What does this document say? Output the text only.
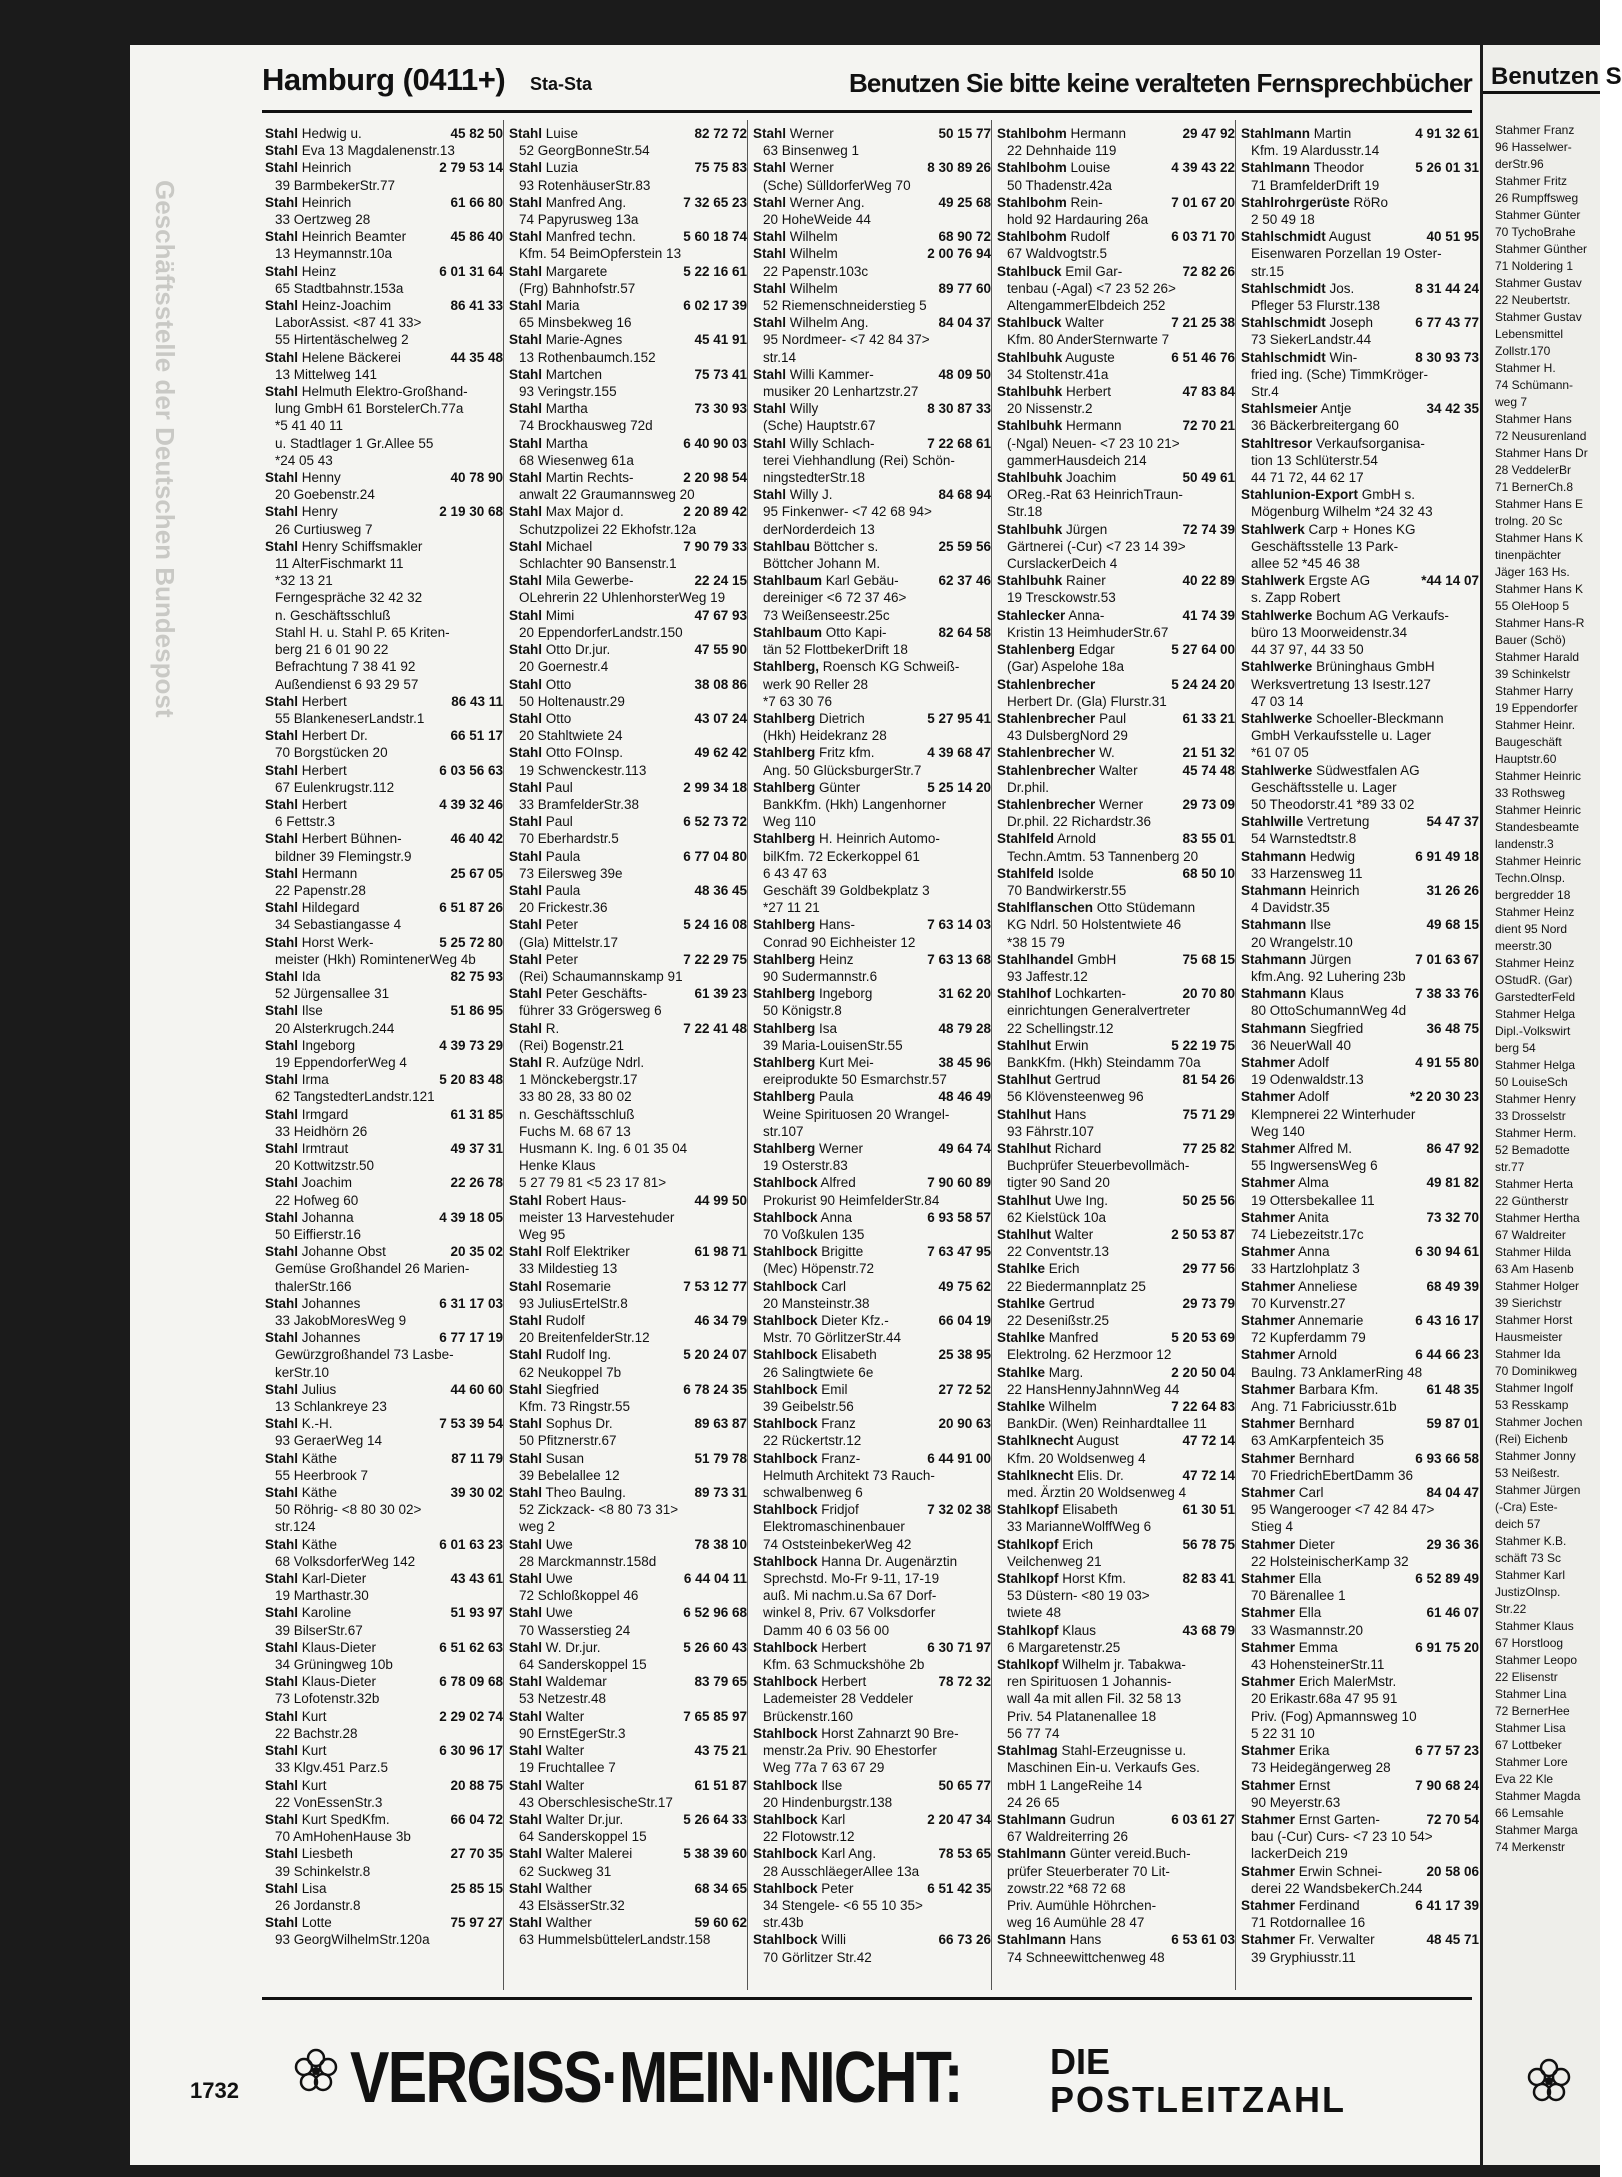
Geschäftsstelle der Deutschen Bundespost
Hamburg (0411+) Sta-Sta	Benutzen Sie bitte keine veralteten Fernsprechbücher
Stahl Hedwig u.	45 82 50
Stahl Eva 13 Magdalenenstr.13
Stahl Heinrich	2 79 53 14
39 BarmbekerStr.77
Stahl Heinrich	61 66 80
33 Oertzweg 28
Stahl Heinrich Beamter	45 86 40
13 Heymannstr.10a
Stahl Heinz	6 01 31 64
65 Stadtbahnstr.153a
Stahl Heinz-Joachim	86 41 33
LaborAssist. <87 41 33>
55 Hirtentäschelweg 2
Stahl Helene Bäckerei	44 35 48
13 Mittelweg 141
Stahl Helmuth Elektro-Großhand-
lung GmbH 61 BorstelerCh.77a
*5 41 40 11
u. Stadtlager 1 Gr.Allee 55
*24 05 43
Stahl Henny	40 78 90
20 Goebenstr.24
Stahl Henry	2 19 30 68
26 Curtiusweg 7
Stahl Henry Schiffsmakler
11 AlterFischmarkt 11
*32 13 21
Ferngespräche 32 42 32
n. Geschäftsschluß
Stahl H. u. Stahl P. 65 Kriten-
berg 21 6 01 90 22
Befrachtung 7 38 41 92
Außendienst 6 93 29 57
Stahl Herbert	86 43 11
55 BlankeneserLandstr.1
Stahl Herbert Dr.	66 51 17
70 Borgstücken 20
Stahl Herbert	6 03 56 63
67 Eulenkrugstr.112
Stahl Herbert	4 39 32 46
6 Fettstr.3
Stahl Herbert Bühnen-	46 40 42
bildner 39 Flemingstr.9
Stahl Hermann	25 67 05
22 Papenstr.28
Stahl Hildegard	6 51 87 26
34 Sebastiangasse 4
Stahl Horst Werk-	5 25 72 80
meister (Hkh) RomintenerWeg 4b
Stahl Ida	82 75 93
52 Jürgensallee 31
Stahl Ilse	51 86 95
20 Alsterkrugch.244
Stahl Ingeborg	4 39 73 29
19 EppendorferWeg 4
Stahl Irma	5 20 83 48
62 TangstedterLandstr.121
Stahl Irmgard	61 31 85
33 Heidhörn 26
Stahl Irmtraut	49 37 31
20 Kottwitzstr.50
Stahl Joachim	22 26 78
22 Hofweg 60
Stahl Johanna	4 39 18 05
50 Eiffierstr.16
Stahl Johanne Obst	20 35 02
Gemüse Großhandel 26 Marien-
thalerStr.166
Stahl Johannes	6 31 17 03
33 JakobMoresWeg 9
Stahl Johannes	6 77 17 19
Gewürzgroßhandel 73 Lasbe-
kerStr.10
Stahl Julius	44 60 60
13 Schlankreye 23
Stahl K.-H.	7 53 39 54
93 GeraerWeg 14
Stahl Käthe	87 11 79
55 Heerbrook 7
Stahl Käthe	39 30 02
50 Röhrig- <8 80 30 02>
str.124
Stahl Käthe	6 01 63 23
68 VolksdorferWeg 142
Stahl Karl-Dieter	43 43 61
19 Marthastr.30
Stahl Karoline	51 93 97
39 BilserStr.67
Stahl Klaus-Dieter	6 51 62 63
34 Grüningweg 10b
Stahl Klaus-Dieter	6 78 09 68
73 Lofotenstr.32b
Stahl Kurt	2 29 02 74
22 Bachstr.28
Stahl Kurt	6 30 96 17
33 Klgv.451 Parz.5
Stahl Kurt	20 88 75
22 VonEssenStr.3
Stahl Kurt SpedKfm.	66 04 72
70 AmHohenHause 3b
Stahl Liesbeth	27 70 35
39 Schinkelstr.8
Stahl Lisa	25 85 15
26 Jordanstr.8
Stahl Lotte	75 97 27
93 GeorgWilhelmStr.120a
Stahl Luise	82 72 72
52 GeorgBonneStr.54
Stahl Luzia	75 75 83
93 RotenhäuserStr.83
Stahl Manfred Ang.	7 32 65 23
74 Papyrusweg 13a
Stahl Manfred techn.	5 60 18 74
Kfm. 54 BeimOpferstein 13
Stahl Margarete	5 22 16 61
(Frg) Bahnhofstr.57
Stahl Maria	6 02 17 39
65 Minsbekweg 16
Stahl Marie-Agnes	45 41 91
13 Rothenbaumch.152
Stahl Martchen	75 73 41
93 Veringstr.155
Stahl Martha	73 30 93
74 Brockhausweg 72d
Stahl Martha	6 40 90 03
68 Wiesenweg 61a
Stahl Martin Rechts-	2 20 98 54
anwalt 22 Graumannsweg 20
Stahl Max Major d.	2 20 89 42
Schutzpolizei 22 Ekhofstr.12a
Stahl Michael	7 90 79 33
Schlachter 90 Bansenstr.1
Stahl Mila Gewerbe-	22 24 15
OLehrerin 22 UhlenhorsterWeg 19
Stahl Mimi	47 67 93
20 EppendorferLandstr.150
Stahl Otto Dr.jur.	47 55 90
20 Goernestr.4
Stahl Otto	38 08 86
50 Holtenaustr.29
Stahl Otto	43 07 24
20 Stahltwiete 24
Stahl Otto FOInsp.	49 62 42
19 Schwenckestr.113
Stahl Paul	2 99 34 18
33 BramfelderStr.38
Stahl Paul	6 52 73 72
70 Eberhardstr.5
Stahl Paula	6 77 04 80
73 Eilersweg 39e
Stahl Paula	48 36 45
20 Frickestr.36
Stahl Peter	5 24 16 08
(Gla) Mittelstr.17
Stahl Peter	7 22 29 75
(Rei) Schaumannskamp 91
Stahl Peter Geschäfts-	61 39 23
führer 33 Grögersweg 6
Stahl R.	7 22 41 48
(Rei) Bogenstr.21
Stahl R. Aufzüge Ndrl.
1 Mönckebergstr.17
33 80 28, 33 80 02
n. Geschäftsschluß
Fuchs M. 68 67 13
Husmann K. Ing. 6 01 35 04
Henke Klaus
5 27 79 81 <5 23 17 81>
Stahl Robert Haus-	44 99 50
meister 13 Harvestehuder
Weg 95
Stahl Rolf Elektriker	61 98 71
33 Mildestieg 13
Stahl Rosemarie	7 53 12 77
93 JuliusErtelStr.8
Stahl Rudolf	46 34 79
20 BreitenfelderStr.12
Stahl Rudolf Ing.	5 20 24 07
62 Neukoppel 7b
Stahl Siegfried	6 78 24 35
Kfm. 73 Ringstr.55
Stahl Sophus Dr.	89 63 87
50 Pfitznerstr.67
Stahl Susan	51 79 78
39 Bebelallee 12
Stahl Theo Baulng.	89 73 31
52 Zickzack- <8 80 73 31>
weg 2
Stahl Uwe	78 38 10
28 Marckmannstr.158d
Stahl Uwe	6 44 04 11
72 Schloßkoppel 46
Stahl Uwe	6 52 96 68
70 Wasserstieg 24
Stahl W. Dr.jur.	5 26 60 43
64 Sanderskoppel 15
Stahl Waldemar	83 79 65
53 Netzestr.48
Stahl Walter	7 65 85 97
90 ErnstEgerStr.3
Stahl Walter	43 75 21
19 Fruchtallee 7
Stahl Walter	61 51 87
43 OberschlesischeStr.17
Stahl Walter Dr.jur.	5 26 64 33
64 Sanderskoppel 15
Stahl Walter Malerei	5 38 39 60
62 Suckweg 31
Stahl Walther	68 34 65
43 ElsässerStr.32
Stahl Walther	59 60 62
63 HummelsbüttelerLandstr.158
Stahl Werner	50 15 77
63 Binsenweg 1
Stahl Werner	8 30 89 26
(Sche) SülldorferWeg 70
Stahl Werner Ang.	49 25 68
20 HoheWeide 44
Stahl Wilhelm	68 90 72
Stahl Wilhelm	2 00 76 94
22 Papenstr.103c
Stahl Wilhelm	89 77 60
52 Riemenschneiderstieg 5
Stahl Wilhelm Ang.	84 04 37
95 Nordmeer- <7 42 84 37>
str.14
Stahl Willi Kammer-	48 09 50
musiker 20 Lenhartzstr.27
Stahl Willy	8 30 87 33
(Sche) Hauptstr.67
Stahl Willy Schlach-	7 22 68 61
terei Viehhandlung (Rei) Schön-
ningstedterStr.18
Stahl Willy J.	84 68 94
95 Finkenwer- <7 42 68 94>
derNorderdeich 13
Stahlbau Böttcher s.	25 59 56
Böttcher Johann M.
Stahlbaum Karl Gebäu-	62 37 46
dereiniger <6 72 37 46>
73 Weißenseestr.25c
Stahlbaum Otto Kapi-	82 64 58
tän 52 FlottbekerDrift 18
Stahlberg, Roensch KG Schweiß-
werk 90 Reller 28
*7 63 30 76
Stahlberg Dietrich	5 27 95 41
(Hkh) Heidekranz 28
Stahlberg Fritz kfm.	4 39 68 47
Ang. 50 GlücksburgerStr.7
Stahlberg Günter	5 25 14 20
BankKfm. (Hkh) Langenhorner
Weg 110
Stahlberg H. Heinrich Automo-
bilKfm. 72 Eckerkoppel 61
6 43 47 63
Geschäft 39 Goldbekplatz 3
*27 11 21
Stahlberg Hans-	7 63 14 03
Conrad 90 Eichheister 12
Stahlberg Heinz	7 63 13 68
90 Sudermannstr.6
Stahlberg Ingeborg	31 62 20
50 Königstr.8
Stahlberg Isa	48 79 28
39 Maria-LouisenStr.55
Stahlberg Kurt Mei-	38 45 96
ereiprodukte 50 Esmarchstr.57
Stahlberg Paula	48 46 49
Weine Spirituosen 20 Wrangel-
str.107
Stahlberg Werner	49 64 74
19 Osterstr.83
Stahlbock Alfred	7 90 60 89
Prokurist 90 HeimfelderStr.84
Stahlbock Anna	6 93 58 57
70 Voßkulen 135
Stahlbock Brigitte	7 63 47 95
(Mec) Höpenstr.72
Stahlbock Carl	49 75 62
20 Mansteinstr.38
Stahlbock Dieter Kfz.-	66 04 19
Mstr. 70 GörlitzerStr.44
Stahlbock Elisabeth	25 38 95
26 Salingtwiete 6e
Stahlbock Emil	27 72 52
39 Geibelstr.56
Stahlbock Franz	20 90 63
22 Rückertstr.12
Stahlbock Franz-	6 44 91 00
Helmuth Architekt 73 Rauch-
schwalbenweg 6
Stahlbock Fridjof	7 32 02 38
Elektromaschinenbauer
74 OststeinbekerWeg 42
Stahlbock Hanna Dr. Augenärztin
Sprechstd. Mo-Fr 9-11, 17-19
auß. Mi nachm.u.Sa 67 Dorf-
winkel 8, Priv. 67 Volksdorfer
Damm 40 6 03 56 00
Stahlbock Herbert	6 30 71 97
Kfm. 63 Schmuckshöhe 2b
Stahlbock Herbert	78 72 32
Lademeister 28 Veddeler
Brückenstr.160
Stahlbock Horst Zahnarzt 90 Bre-
menstr.2a Priv. 90 Ehestorfer
Weg 77a 7 63 67 29
Stahlbock Ilse	50 65 77
20 Hindenburgstr.138
Stahlbock Karl	2 20 47 34
22 Flotowstr.12
Stahlbock Karl Ang.	78 53 65
28 AusschläegerAllee 13a
Stahlbock Peter	6 51 42 35
34 Stengele- <6 55 10 35>
str.43b
Stahlbock Willi	66 73 26
70 Görlitzer Str.42
Stahlbohm Hermann	29 47 92
22 Dehnhaide 119
Stahlbohm Louise	4 39 43 22
50 Thadenstr.42a
Stahlbohm Rein-	7 01 67 20
hold 92 Hardauring 26a
Stahlbohm Rudolf	6 03 71 70
67 Waldvogtstr.5
Stahlbuck Emil Gar-	72 82 26
tenbau (-Agal) <7 23 52 26>
AltengammerElbdeich 252
Stahlbuck Walter	7 21 25 38
Kfm. 80 AnderSternwarte 7
Stahlbuhk Auguste	6 51 46 76
34 Stoltenstr.41a
Stahlbuhk Herbert	47 83 84
20 Nissenstr.2
Stahlbuhk Hermann	72 70 21
(-Ngal) Neuen- <7 23 10 21>
gammerHausdeich 214
Stahlbuhk Joachim	50 49 61
OReg.-Rat 63 HeinrichTraun-
Str.18
Stahlbuhk Jürgen	72 74 39
Gärtnerei (-Cur) <7 23 14 39>
CurslackerDeich 4
Stahlbuhk Rainer	40 22 89
19 Tresckowstr.53
Stahlecker Anna-	41 74 39
Kristin 13 HeimhuderStr.67
Stahlenberg Edgar	5 27 64 00
(Gar) Aspelohe 18a
Stahlenbrecher	5 24 24 20
Herbert Dr. (Gla) Flurstr.31
Stahlenbrecher Paul	61 33 21
43 DulsbergNord 29
Stahlenbrecher W.	21 51 32
Stahlenbrecher Walter	45 74 48
Dr.phil.
Stahlenbrecher Werner	29 73 09
Dr.phil. 22 Richardstr.36
Stahlfeld Arnold	83 55 01
Techn.Amtm. 53 Tannenberg 20
Stahlfeld Isolde	68 50 10
70 Bandwirkerstr.55
Stahlflanschen Otto Stüdemann
KG Ndrl. 50 Holstentwiete 46
*38 15 79
Stahlhandel GmbH	75 68 15
93 Jaffestr.12
Stahlhof Lochkarten-	20 70 80
einrichtungen Generalvertreter
22 Schellingstr.12
Stahlhut Erwin	5 22 19 75
BankKfm. (Hkh) Steindamm 70a
Stahlhut Gertrud	81 54 26
56 Klövensteenweg 96
Stahlhut Hans	75 71 29
93 Fährstr.107
Stahlhut Richard	77 25 82
Buchprüfer Steuerbevollmäch-
tigter 90 Sand 20
Stahlhut Uwe Ing.	50 25 56
62 Kielstück 10a
Stahlhut Walter	2 50 53 87
22 Conventstr.13
Stahlke Erich	29 77 56
22 Biedermannplatz 25
Stahlke Gertrud	29 73 79
22 Desenißstr.25
Stahlke Manfred	5 20 53 69
Elektrolng. 62 Herzmoor 12
Stahlke Marg.	2 20 50 04
22 HansHennyJahnnWeg 44
Stahlke Wilhelm	7 22 64 83
BankDir. (Wen) Reinhardtallee 11
Stahlknecht August	47 72 14
Kfm. 20 Woldsenweg 4
Stahlknecht Elis. Dr.	47 72 14
med. Ärztin 20 Woldsenweg 4
Stahlkopf Elisabeth	61 30 51
33 MarianneWolffWeg 6
Stahlkopf Erich	56 78 75
Veilchenweg 21
Stahlkopf Horst Kfm.	82 83 41
53 Düstern- <80 19 03>
twiete 48
Stahlkopf Klaus	43 68 79
6 Margaretenstr.25
Stahlkopf Wilhelm jr. Tabakwa-
ren Spirituosen 1 Johannis-
wall 4a mit allen Fil. 32 58 13
Priv. 54 Platanenallee 18
56 77 74
Stahlmag Stahl-Erzeugnisse u.
Maschinen Ein-u. Verkaufs Ges.
mbH 1 LangeReihe 14
24 26 65
Stahlmann Gudrun	6 03 61 27
67 Waldreiterring 26
Stahlmann Günter vereid.Buch-
prüfer Steuerberater 70 Lit-
zowstr.22 *68 72 68
Priv. Aumühle Höhrchen-
weg 16 Aumühle 28 47
Stahlmann Hans	6 53 61 03
74 Schneewittchenweg 48
Stahlmann Martin	4 91 32 61
Kfm. 19 Alardusstr.14
Stahlmann Theodor	5 26 01 31
71 BramfelderDrift 19
Stahlrohrgerüste RöRo
2 50 49 18
Stahlschmidt August	40 51 95
Eisenwaren Porzellan 19 Oster-
str.15
Stahlschmidt Jos.	8 31 44 24
Pfleger 53 Flurstr.138
Stahlschmidt Joseph	6 77 43 77
73 SiekerLandstr.44
Stahlschmidt Win-	8 30 93 73
fried ing. (Sche) TimmKröger-
Str.4
Stahlsmeier Antje	34 42 35
36 Bäckerbreitergang 60
Stahltresor Verkaufsorganisa-
tion 13 Schlüterstr.54
44 71 72, 44 62 17
Stahlunion-Export GmbH s.
Mögenburg Wilhelm *24 32 43
Stahlwerk Carp + Hones KG
Geschäftsstelle 13 Park-
allee 52 *45 46 38
Stahlwerk Ergste AG	*44 14 07
s. Zapp Robert
Stahlwerke Bochum AG Verkaufs-
büro 13 Moorweidenstr.34
44 37 97, 44 33 50
Stahlwerke Brüninghaus GmbH
Werksvertretung 13 Isestr.127
47 03 14
Stahlwerke Schoeller-Bleckmann
GmbH Verkaufsstelle u. Lager
*61 07 05
Stahlwerke Südwestfalen AG
Geschäftsstelle u. Lager
50 Theodorstr.41 *89 33 02
Stahlwille Vertretung	54 47 37
54 Warnstedtstr.8
Stahmann Hedwig	6 91 49 18
33 Harzensweg 11
Stahmann Heinrich	31 26 26
4 Davidstr.35
Stahmann Ilse	49 68 15
20 Wrangelstr.10
Stahmann Jürgen	7 01 63 67
kfm.Ang. 92 Luhering 23b
Stahmann Klaus	7 38 33 76
80 OttoSchumannWeg 4d
Stahmann Siegfried	36 48 75
36 NeuerWall 40
Stahmer Adolf	4 91 55 80
19 Odenwaldstr.13
Stahmer Adolf	*2 20 30 23
Klempnerei 22 Winterhuder
Weg 140
Stahmer Alfred M.	86 47 92
55 IngwersensWeg 6
Stahmer Alma	49 81 82
19 Ottersbekallee 11
Stahmer Anita	73 32 70
74 Liebezeitstr.17c
Stahmer Anna	6 30 94 61
33 Hartzlohplatz 3
Stahmer Anneliese	68 49 39
70 Kurvenstr.27
Stahmer Annemarie	6 43 16 17
72 Kupferdamm 79
Stahmer Arnold	6 44 66 23
Baulng. 73 AnklamerRing 48
Stahmer Barbara Kfm.	61 48 35
Ang. 71 Fabriciusstr.61b
Stahmer Bernhard	59 87 01
63 AmKarpfenteich 35
Stahmer Bernhard	6 93 66 58
70 FriedrichEbertDamm 36
Stahmer Carl	84 04 47
95 Wangerooger <7 42 84 47>
Stieg 4
Stahmer Dieter	29 36 36
22 HolsteinischerKamp 32
Stahmer Ella	6 52 89 49
70 Bärenallee 1
Stahmer Ella	61 46 07
33 Wasmannstr.20
Stahmer Emma	6 91 75 20
43 HohensteinerStr.11
Stahmer Erich MalerMstr.
20 Erikastr.68a 47 95 91
Priv. (Fog) Apmannsweg 10
5 22 31 10
Stahmer Erika	6 77 57 23
73 Heidegängerweg 28
Stahmer Ernst	7 90 68 24
90 Meyerstr.63
Stahmer Ernst Garten-	72 70 54
bau (-Cur) Curs- <7 23 10 54>
lackerDeich 219
Stahmer Erwin Schnei-	20 58 06
derei 22 WandsbekerCh.244
Stahmer Ferdinand	6 41 17 39
71 Rotdornallee 16
Stahmer Fr. Verwalter	48 45 71
39 Gryphiusstr.11
1732 VERGISS·MEIN·NICHT: DIE
POSTLEITZAHL
Benutzen S
Stahmer Franz
96 Hasselwer-
derStr.96
Stahmer Fritz
26 Rumpffsweg
Stahmer Günter
70 TychoBrahe
Stahmer Günther
71 Noldering 1
Stahmer Gustav
22 Neubertstr.
Stahmer Gustav
Lebensmittel
Zollstr.170
Stahmer H.
74 Schümann-
weg 7
Stahmer Hans
72 Neusurenland
Stahmer Hans Dr
28 VeddelerBr
71 BernerCh.8
Stahmer Hans E
trolng. 20 Sc
Stahmer Hans K
tinenpächter
Jäger 163 Hs.
Stahmer Hans K
55 OleHoop 5
Stahmer Hans-R
Bauer (Schö)
Stahmer Harald
39 Schinkelstr
Stahmer Harry
19 Eppendorfer
Stahmer Heinr.
Baugeschäft
Hauptstr.60
Stahmer Heinric
33 Rothsweg
Stahmer Heinric
Standesbeamte
landenstr.3
Stahmer Heinric
Techn.Olnsp.
bergredder 18
Stahmer Heinz
dient 95 Nord
meerstr.30
Stahmer Heinz
OStudR. (Gar)
GarstedterFeld
Stahmer Helga
Dipl.-Volkswirt
berg 54
Stahmer Helga
50 LouiseSch
Stahmer Henry
33 Drosselstr
Stahmer Herm.
52 Bemadotte
str.77
Stahmer Herta
22 Güntherstr
Stahmer Hertha
67 Waldreiter
Stahmer Hilda
63 Am Hasenb
Stahmer Holger
39 Sierichstr
Stahmer Horst
Hausmeister
Stahmer Ida
70 Dominikweg
Stahmer Ingolf
53 Resskamp
Stahmer Jochen
(Rei) Eichenb
Stahmer Jonny
53 Neißestr.
Stahmer Jürgen
(-Cra) Este-
deich 57
Stahmer K.B.
schäft 73 Sc
Stahmer Karl
JustizOlnsp.
Str.22
Stahmer Klaus
67 Horstloog
Stahmer Leopo
22 Elisenstr
Stahmer Lina
72 BernerHee
Stahmer Lisa
67 Lottbeker
Stahmer Lore
Eva 22 Kle
Stahmer Magda
66 Lemsahle
Stahmer Marga
74 Merkenstr
